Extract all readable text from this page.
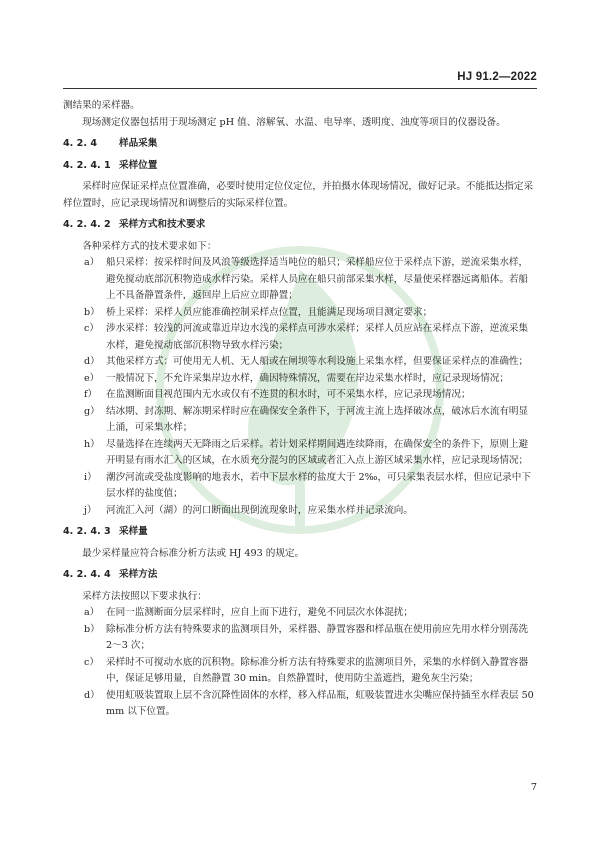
HJ 91.2—2022

测结果的采样器。

现场测定仪器包括用于现场测定 pH 值、溶解氧、水温、电导率、透明度、浊度等项目的仪器设备。

4. 2. 4 样品采集
4. 2. 4. 1 采样位置

采样时应保证采样点位置准确，必要时使用定位仪定位，并拍摄水体现场情况，做好记录。不能抵达指定采样位置时，应记录现场情况和调整后的实际采样位置。

4. 2. 4. 2 采样方式和技术要求

各种采样方式的技术要求如下：

a） 船只采样：按采样时间及风浪等级选择适当吨位的船只；采样船应位于采样点下游，逆流采集水样，避免搅动底部沉积物造成水样污染。采样人员应在船只前部采集水样，尽量使采样器远离船体。若船上不具备静置条件，返回岸上后应立即静置；
b） 桥上采样：采样人员应能准确控制采样点位置，且能满足现场项目测定要求；
c） 涉水采样：较浅的河流或靠近岸边水浅的采样点可涉水采样；采样人员应站在采样点下游，逆流采集水样，避免搅动底部沉积物导致水样污染；
d） 其他采样方式：可使用无人机、无人船或在闸坝等水利设施上采集水样，但要保证采样点的准确性；
e） 一般情况下，不允许采集岸边水样，确因特殊情况，需要在岸边采集水样时，应记录现场情况；
f） 在监测断面目视范围内无水或仅有不连贯的积水时，可不采集水样，应记录现场情况；
g） 结冰期、封冻期、解冻期采样时应在确保安全条件下，于河流主流上选择破冰点，破冰后水流有明显上涌，可采集水样；
h） 尽量选择在连续两天无降雨之后采样。若计划采样期间遇连续降雨，在确保安全的条件下，原则上避开明显有雨水汇入的区域，在水质充分混匀的区域或者汇入点上游区域采集水样，应记录现场情况；
i） 潮汐河流或受盐度影响的地表水，若中下层水样的盐度大于 2‰，可只采集表层水样，但应记录中下层水样的盐度值；
j） 河流汇入河（湖）的河口断面出现倒流现象时，应采集水样并记录流向。
4. 2. 4. 3 采样量

最少采样量应符合标准分析方法或 HJ 493 的规定。

4. 2. 4. 4 采样方法

采样方法按照以下要求执行：

a） 在同一监测断面分层采样时，应自上而下进行，避免不同层次水体混扰；
b） 除标准分析方法有特殊要求的监测项目外，采样器、静置容器和样品瓶在使用前应先用水样分别荡洗 2～3 次；
c） 采样时不可搅动水底的沉积物。除标准分析方法有特殊要求的监测项目外，采集的水样倒入静置容器中，保证足够用量，自然静置 30 min。自然静置时，使用防尘盖遮挡，避免灰尘污染；
d） 使用虹吸装置取上层不含沉降性固体的水样，移入样品瓶，虹吸装置进水尖嘴应保持插至水样表层 50 mm 以下位置。
7
